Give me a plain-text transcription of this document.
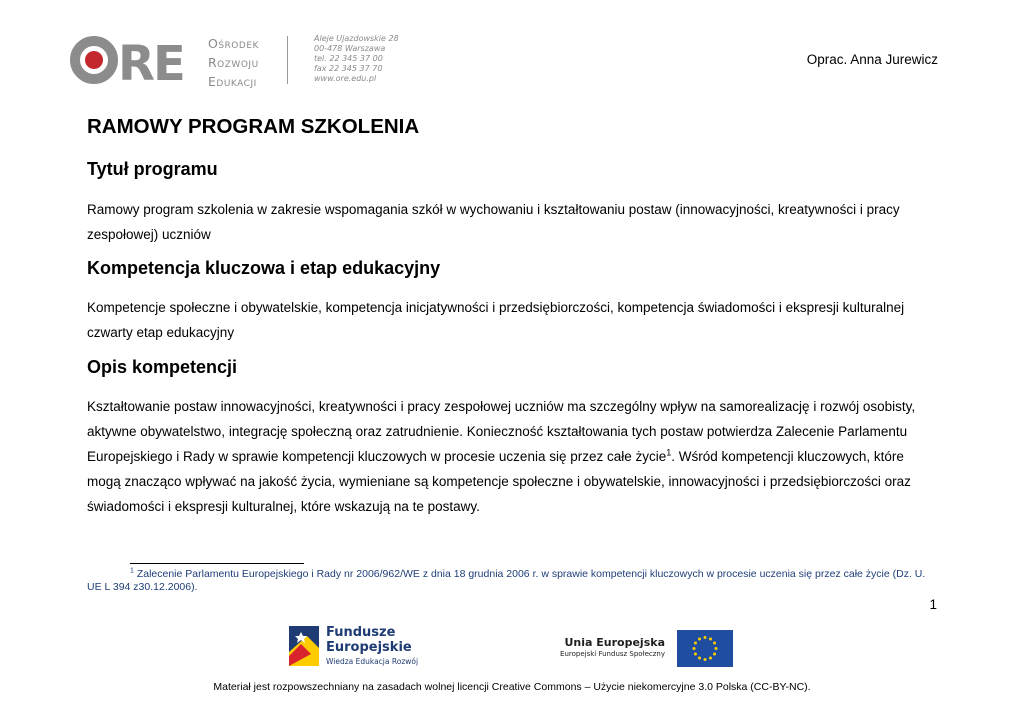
RE Ośrodek
Rozwoju
Edukacji
Aleje Ujazdowskie 28
00-478 Warszawa
tel. 22 345 37 00
fax 22 345 37 70
www.ore.edu.pl
Oprac. Anna Jurewicz
RAMOWY PROGRAM SZKOLENIA
Tytuł programu

Ramowy program szkolenia w zakresie wspomagania szkół w wychowaniu i kształtowaniu postaw (innowacyjności, kreatywności i pracy zespołowej) uczniów

Kompetencja kluczowa i etap edukacyjny

Kompetencje społeczne i obywatelskie, kompetencja inicjatywności i przedsiębiorczości, kompetencja świadomości i ekspresji kulturalnej czwarty etap edukacyjny

Opis kompetencji

Kształtowanie postaw innowacyjności, kreatywności i pracy zespołowej uczniów ma szczególny wpływ na samorealizację i rozwój osobisty, aktywne obywatelstwo, integrację społeczną oraz zatrudnienie. Konieczność kształtowania tych postaw potwierdza Zalecenie Parlamentu Europejskiego i Rady w sprawie kompetencji kluczowych w procesie uczenia się przez całe życie$^1$. Wśród kompetencji kluczowych, które mogą znacząco wpływać na jakość życia, wymieniane są kompetencje społeczne i obywatelskie, innowacyjności i przedsiębiorczości oraz świadomości i ekspresji kulturalnej, które wskazują na te postawy.

$^1$ Zalecenie Parlamentu Europejskiego i Rady nr 2006/962/WE z dnia 18 grudnia 2006 r. w sprawie kompetencji kluczowych w procesie uczenia się przez całe życie (Dz. U. UE L 394 z30.12.2006).

1
Fundusze
Europejskie
Wiedza Edukacja Rozwój
Unia Europejska
Europejski Fundusz Społeczny
Materiał jest rozpowszechniany na zasadach wolnej licencji Creative Commons – Użycie niekomercyjne 3.0 Polska (CC-BY-NC).
